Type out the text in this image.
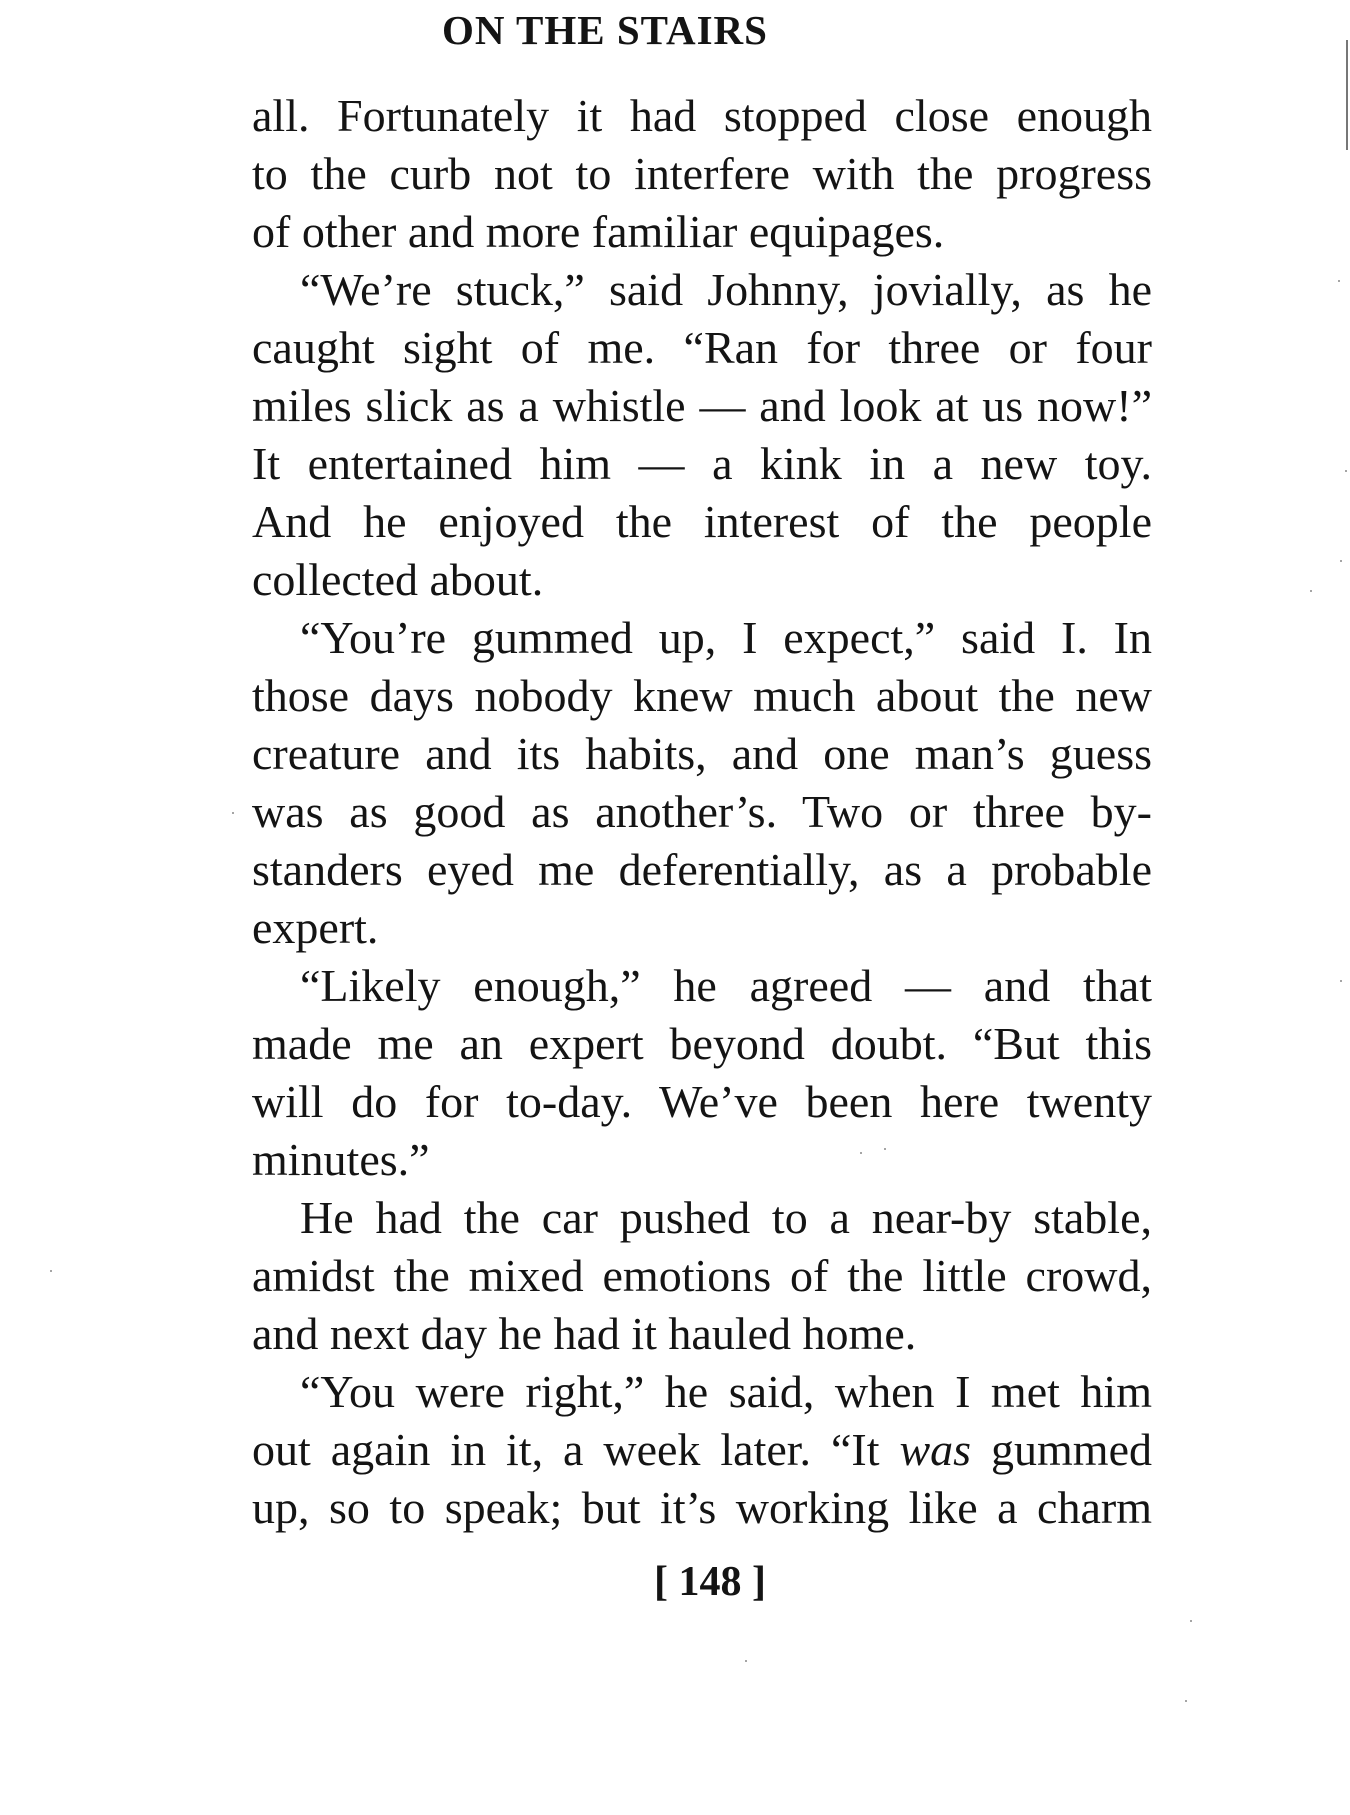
ON THE STAIRS
all. Fortunately it had stopped close enough
to the curb not to interfere with the progress
of other and more familiar equipages.
“We’re stuck,” said Johnny, jovially, as he
caught sight of me. “Ran for three or four
miles slick as a whistle — and look at us now!”
It entertained him — a kink in a new toy.
And he enjoyed the interest of the people
collected about.
“You’re gummed up, I expect,” said I. In
those days nobody knew much about the new
creature and its habits, and one man’s guess
was as good as another’s. Two or three by-
standers eyed me deferentially, as a probable
expert.
“Likely enough,” he agreed — and that
made me an expert beyond doubt. “But this
will do for to-day. We’ve been here twenty
minutes.”
He had the car pushed to a near-by stable,
amidst the mixed emotions of the little crowd,
and next day he had it hauled home.
“You were right,” he said, when I met him
out again in it, a week later. “It was gummed
up, so to speak; but it’s working like a charm
[ 148 ]
